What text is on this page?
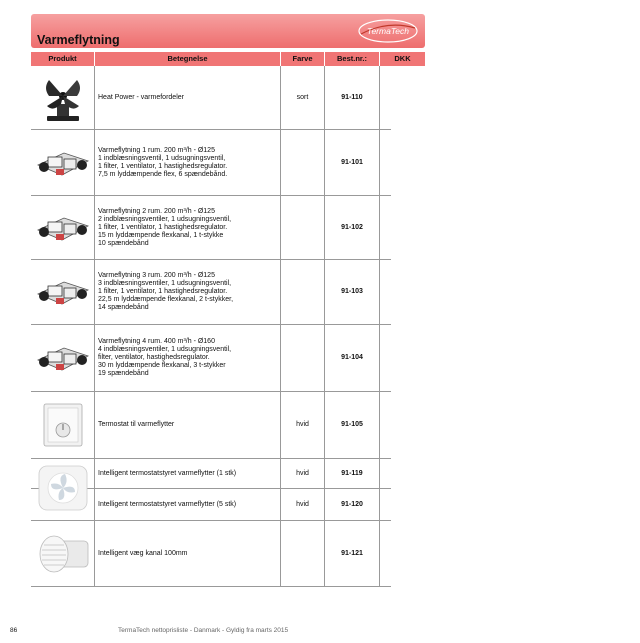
Varmeflytning
TermaTech
Produkt	Betegnelse	Farve	Best.nr.:	DKK
Heat Power - varmefordeler	sort	91-110
Varmeflytning 1 rum. 200 m³/h - Ø125
1 indblæsningsventil, 1 udsugningsventil,
1 filter, 1 ventilator, 1 hastighedsregulator.
7,5 m lyddæmpende flex, 6 spændebånd.
91-101
Varmeflytning 2 rum. 200 m³/h - Ø125
2 indblæsningsventiler, 1 udsugningsventil,
1 filter, 1 ventilator, 1 hastighedsregulator.
15 m lyddæmpende flexkanal, 1 t-stykke
10 spændebånd
91-102
Varmeflytning 3 rum. 200 m³/h - Ø125
3 indblæsningsventiler, 1 udsugningsventil,
1 filter, 1 ventilator, 1 hastighedsregulator.
22,5 m lyddæmpende flexkanal, 2 t-stykker,
14 spændebånd
91-103
Varmeflytning 4 rum. 400 m³/h - Ø160
4 indblæsningsventiler, 1 udsugningsventil,
filter, ventilator, hastighedsregulator.
30 m lyddæmpende flexkanal, 3 t-stykker
19 spændebånd
91-104
Termostat til varmeflytter	hvid	91-105
Intelligent termostatstyret varmeflytter (1 stk)	hvid	91-119
Intelligent termostatstyret varmeflytter (5 stk)	hvid	91-120
Intelligent væg kanal 100mm	91-121
86	TermaTech nettoprisliste - Danmark - Gyldig fra marts 2015
